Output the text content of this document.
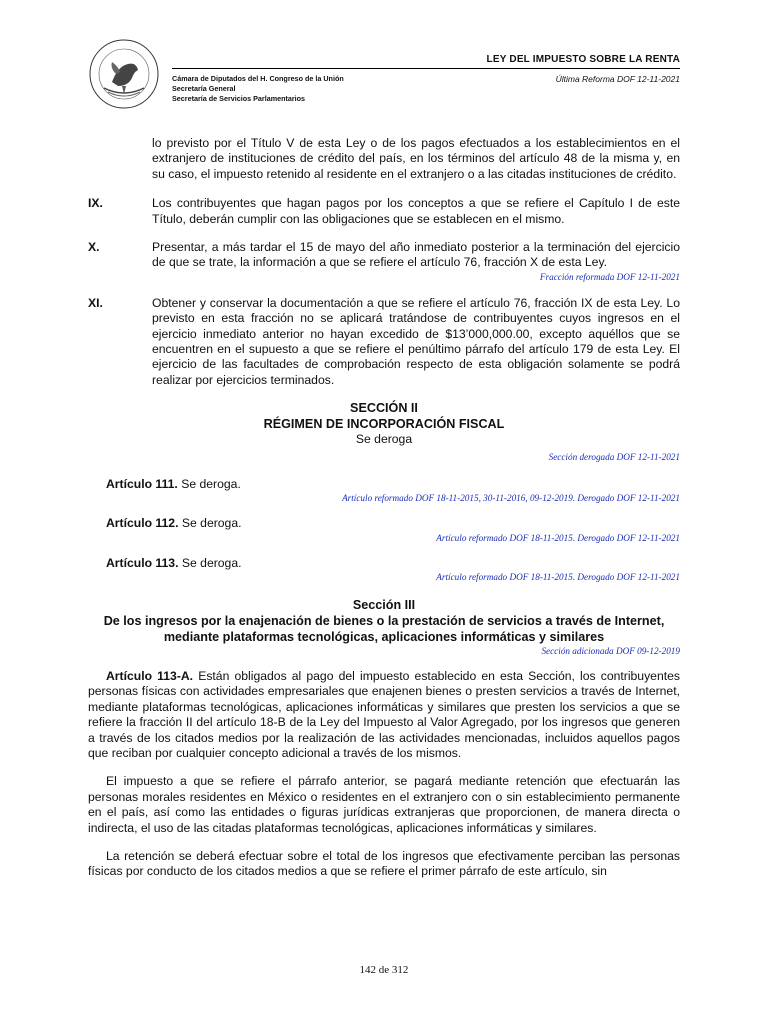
LEY DEL IMPUESTO SOBRE LA RENTA
Última Reforma DOF 12-11-2021
Cámara de Diputados del H. Congreso de la Unión
Secretaría General
Secretaría de Servicios Parlamentarios
lo previsto por el Título V de esta Ley o de los pagos efectuados a los establecimientos en el extranjero de instituciones de crédito del país, en los términos del artículo 48 de la misma y, en su caso, el impuesto retenido al residente en el extranjero o a las citadas instituciones de crédito.
IX.	Los contribuyentes que hagan pagos por los conceptos a que se refiere el Capítulo I de este Título, deberán cumplir con las obligaciones que se establecen en el mismo.
X.	Presentar, a más tardar el 15 de mayo del año inmediato posterior a la terminación del ejercicio de que se trate, la información a que se refiere el artículo 76, fracción X de esta Ley.
Fracción reformada DOF 12-11-2021
XI.	Obtener y conservar la documentación a que se refiere el artículo 76, fracción IX de esta Ley. Lo previsto en esta fracción no se aplicará tratándose de contribuyentes cuyos ingresos en el ejercicio inmediato anterior no hayan excedido de $13’000,000.00, excepto aquéllos que se encuentren en el supuesto a que se refiere el penúltimo párrafo del artículo 179 de esta Ley. El ejercicio de las facultades de comprobación respecto de esta obligación solamente se podrá realizar por ejercicios terminados.
SECCIÓN II
RÉGIMEN DE INCORPORACIÓN FISCAL
Se deroga
Sección derogada DOF 12-11-2021
Artículo 111. Se deroga.
Artículo reformado DOF 18-11-2015, 30-11-2016, 09-12-2019. Derogado DOF 12-11-2021
Artículo 112. Se deroga.
Artículo reformado DOF 18-11-2015. Derogado DOF 12-11-2021
Artículo 113. Se deroga.
Artículo reformado DOF 18-11-2015. Derogado DOF 12-11-2021
Sección III
De los ingresos por la enajenación de bienes o la prestación de servicios a través de Internet, mediante plataformas tecnológicas, aplicaciones informáticas y similares
Sección adicionada DOF 09-12-2019
Artículo 113-A. Están obligados al pago del impuesto establecido en esta Sección, los contribuyentes personas físicas con actividades empresariales que enajenen bienes o presten servicios a través de Internet, mediante plataformas tecnológicas, aplicaciones informáticas y similares que presten los servicios a que se refiere la fracción II del artículo 18-B de la Ley del Impuesto al Valor Agregado, por los ingresos que generen a través de los citados medios por la realización de las actividades mencionadas, incluidos aquellos pagos que reciban por cualquier concepto adicional a través de los mismos.
El impuesto a que se refiere el párrafo anterior, se pagará mediante retención que efectuarán las personas morales residentes en México o residentes en el extranjero con o sin establecimiento permanente en el país, así como las entidades o figuras jurídicas extranjeras que proporcionen, de manera directa o indirecta, el uso de las citadas plataformas tecnológicas, aplicaciones informáticas y similares.
La retención se deberá efectuar sobre el total de los ingresos que efectivamente perciban las personas físicas por conducto de los citados medios a que se refiere el primer párrafo de este artículo, sin
142 de 312
